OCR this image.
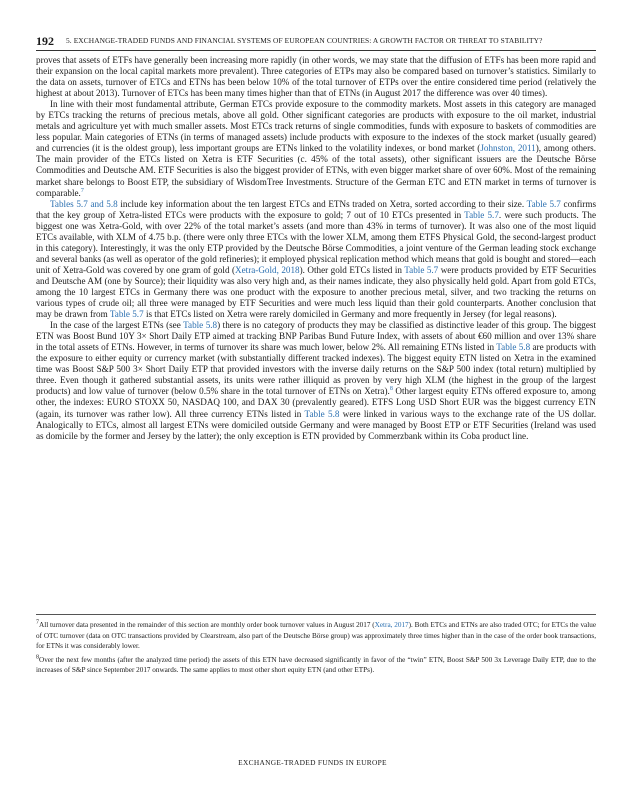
192 5. EXCHANGE-TRADED FUNDS AND FINANCIAL SYSTEMS OF EUROPEAN COUNTRIES: A GROWTH FACTOR OR THREAT TO STABILITY?

proves that assets of ETFs have generally been increasing more rapidly (in other words, we may state that the diffusion of ETFs has been more rapid and their expansion on the local capital markets more prevalent). Three categories of ETPs may also be compared based on turnover’s statistics. Similarly to the data on assets, turnover of ETCs and ETNs has been below 10% of the total turnover of ETPs over the entire considered time period (relatively the highest at about 2013). Turnover of ETCs has been many times higher than that of ETNs (in August 2017 the difference was over 40 times).

In line with their most fundamental attribute, German ETCs provide exposure to the commodity markets. Most assets in this category are managed by ETCs tracking the returns of precious metals, above all gold. Other significant categories are products with exposure to the oil market, industrial metals and agriculture yet with much smaller assets. Most ETCs track returns of single commodities, funds with exposure to baskets of commodities are less popular. Main categories of ETNs (in terms of managed assets) include products with exposure to the indexes of the stock market (usually geared) and currencies (it is the oldest group), less important groups are ETNs linked to the volatility indexes, or bond market (Johnston, 2011), among others. The main provider of the ETCs listed on Xetra is ETF Securities (c. 45% of the total assets), other significant issuers are the Deutsche Börse Commodities and Deutsche AM. ETF Securities is also the biggest provider of ETNs, with even bigger market share of over 60%. Most of the remaining market share belongs to Boost ETP, the subsidiary of WisdomTree Investments. Structure of the German ETC and ETN market in terms of turnover is comparable.$^7$

Tables 5.7 and 5.8 include key information about the ten largest ETCs and ETNs traded on Xetra, sorted according to their size. Table 5.7 confirms that the key group of Xetra-listed ETCs were products with the exposure to gold; 7 out of 10 ETCs presented in Table 5.7. were such products. The biggest one was Xetra-Gold, with over 22% of the total market’s assets (and more than 43% in terms of turnover). It was also one of the most liquid ETCs available, with XLM of 4.75 b.p. (there were only three ETCs with the lower XLM, among them ETFS Physical Gold, the second-largest product in this category). Interestingly, it was the only ETP provided by the Deutsche Börse Commodities, a joint venture of the German leading stock exchange and several banks (as well as operator of the gold refineries); it employed physical replication method which means that gold is bought and stored—each unit of Xetra-Gold was covered by one gram of gold (Xetra-Gold, 2018). Other gold ETCs listed in Table 5.7 were products provided by ETF Securities and Deutsche AM (one by Source); their liquidity was also very high and, as their names indicate, they also physically held gold. Apart from gold ETCs, among the 10 largest ETCs in Germany there was one product with the exposure to another precious metal, silver, and two tracking the returns on various types of crude oil; all three were managed by ETF Securities and were much less liquid than their gold counterparts. Another conclusion that may be drawn from Table 5.7 is that ETCs listed on Xetra were rarely domiciled in Germany and more frequently in Jersey (for legal reasons).

In the case of the largest ETNs (see Table 5.8) there is no category of products they may be classified as distinctive leader of this group. The biggest ETN was Boost Bund 10Y 3× Short Daily ETP aimed at tracking BNP Paribas Bund Future Index, with assets of about €60 million and over 13% share in the total assets of ETNs. However, in terms of turnover its share was much lower, below 2%. All remaining ETNs listed in Table 5.8 are products with the exposure to either equity or currency market (with substantially different tracked indexes). The biggest equity ETN listed on Xetra in the examined time was Boost S&P 500 3× Short Daily ETP that provided investors with the inverse daily returns on the S&P 500 index (total return) multiplied by three. Even though it gathered substantial assets, its units were rather illiquid as proven by very high XLM (the highest in the group of the largest products) and low value of turnover (below 0.5% share in the total turnover of ETNs on Xetra).$^8$ Other largest equity ETNs offered exposure to, among other, the indexes: EURO STOXX 50, NASDAQ 100, and DAX 30 (prevalently geared). ETFS Long USD Short EUR was the biggest currency ETN (again, its turnover was rather low). All three currency ETNs listed in Table 5.8 were linked in various ways to the exchange rate of the US dollar. Analogically to ETCs, almost all largest ETNs were domiciled outside Germany and were managed by Boost ETP or ETF Securities (Ireland was used as domicile by the former and Jersey by the latter); the only exception is ETN provided by Commerzbank within its Coba product line.

$^7$All turnover data presented in the remainder of this section are monthly order book turnover values in August 2017 (Xetra, 2017). Both ETCs and ETNs are also traded OTC; for ETCs the value of OTC turnover (data on OTC transactions provided by Clearstream, also part of the Deutsche Börse group) was approximately three times higher than in the case of the order book transactions, for ETNs it was considerably lower.

$^8$Over the next few months (after the analyzed time period) the assets of this ETN have decreased significantly in favor of the “twin” ETN, Boost S&P 500 3x Leverage Daily ETP, due to the increases of S&P since September 2017 onwards. The same applies to most other short equity ETN (and other ETPs).

EXCHANGE-TRADED FUNDS IN EUROPE
